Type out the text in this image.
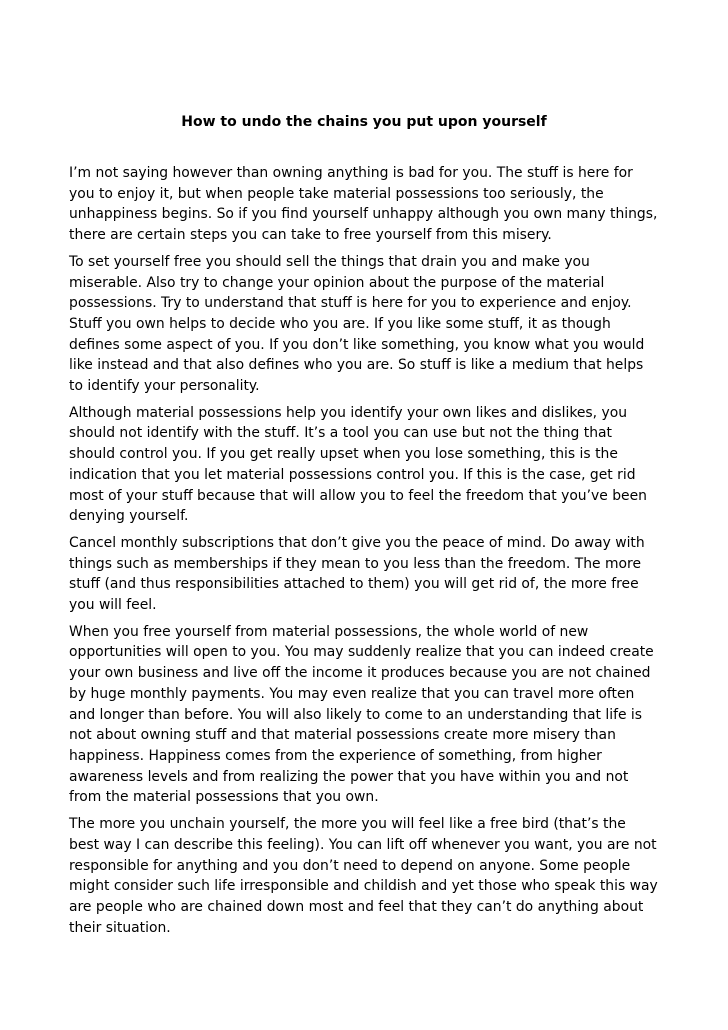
How to undo the chains you put upon yourself

I’m not saying however than owning anything is bad for you. The stuff is here for you to enjoy it, but when people take material possessions too seriously, the unhappiness begins. So if you find yourself unhappy although you own many things, there are certain steps you can take to free yourself from this misery.

To set yourself free you should sell the things that drain you and make you miserable. Also try to change your opinion about the purpose of the material possessions. Try to understand that stuff is here for you to experience and enjoy. Stuff you own helps to decide who you are. If you like some stuff, it as though defines some aspect of you. If you don’t like something, you know what you would like instead and that also defines who you are. So stuff is like a medium that helps to identify your personality.

Although material possessions help you identify your own likes and dislikes, you should not identify with the stuff. It’s a tool you can use but not the thing that should control you. If you get really upset when you lose something, this is the indication that you let material possessions control you. If this is the case, get rid most of your stuff because that will allow you to feel the freedom that you’ve been denying yourself.

Cancel monthly subscriptions that don’t give you the peace of mind. Do away with things such as memberships if they mean to you less than the freedom. The more stuff (and thus responsibilities attached to them) you will get rid of, the more free you will feel.

When you free yourself from material possessions, the whole world of new opportunities will open to you. You may suddenly realize that you can indeed create your own business and live off the income it produces because you are not chained by huge monthly payments. You may even realize that you can travel more often and longer than before. You will also likely to come to an understanding that life is not about owning stuff and that material possessions create more misery than happiness. Happiness comes from the experience of something, from higher awareness levels and from realizing the power that you have within you and not from the material possessions that you own.

The more you unchain yourself, the more you will feel like a free bird (that’s the best way I can describe this feeling). You can lift off whenever you want, you are not responsible for anything and you don’t need to depend on anyone. Some people might consider such life irresponsible and childish and yet those who speak this way are people who are chained down most and feel that they can’t do anything about their situation.
